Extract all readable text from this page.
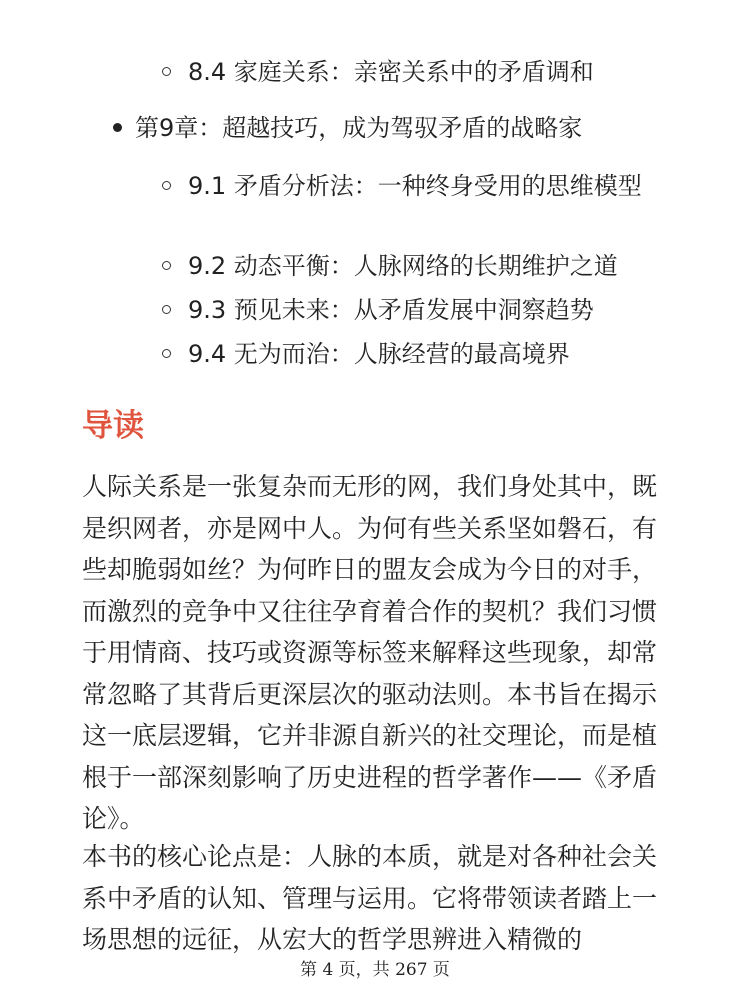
8.4 家庭关系：亲密关系中的矛盾调和
第9章：超越技巧，成为驾驭矛盾的战略家
9.1 矛盾分析法：一种终身受用的思维模型
9.2 动态平衡：人脉网络的长期维护之道
9.3 预见未来：从矛盾发展中洞察趋势
9.4 无为而治：人脉经营的最高境界
导读

人际关系是一张复杂而无形的网，我们身处其中，既是织网者，亦是网中人。为何有些关系坚如磐石，有些却脆弱如丝？为何昨日的盟友会成为今日的对手，而激烈的竞争中又往往孕育着合作的契机？我们习惯于用情商、技巧或资源等标签来解释这些现象，却常常忽略了其背后更深层次的驱动法则。本书旨在揭示这一底层逻辑，它并非源自新兴的社交理论，而是植根于一部深刻影响了历史进程的哲学著作——《矛盾论》。

本书的核心论点是：人脉的本质，就是对各种社会关系中矛盾的认知、管理与运用。它将带领读者踏上一场思想的远征，从宏大的哲学思辨进入精微的

第 4 页，共 267 页
